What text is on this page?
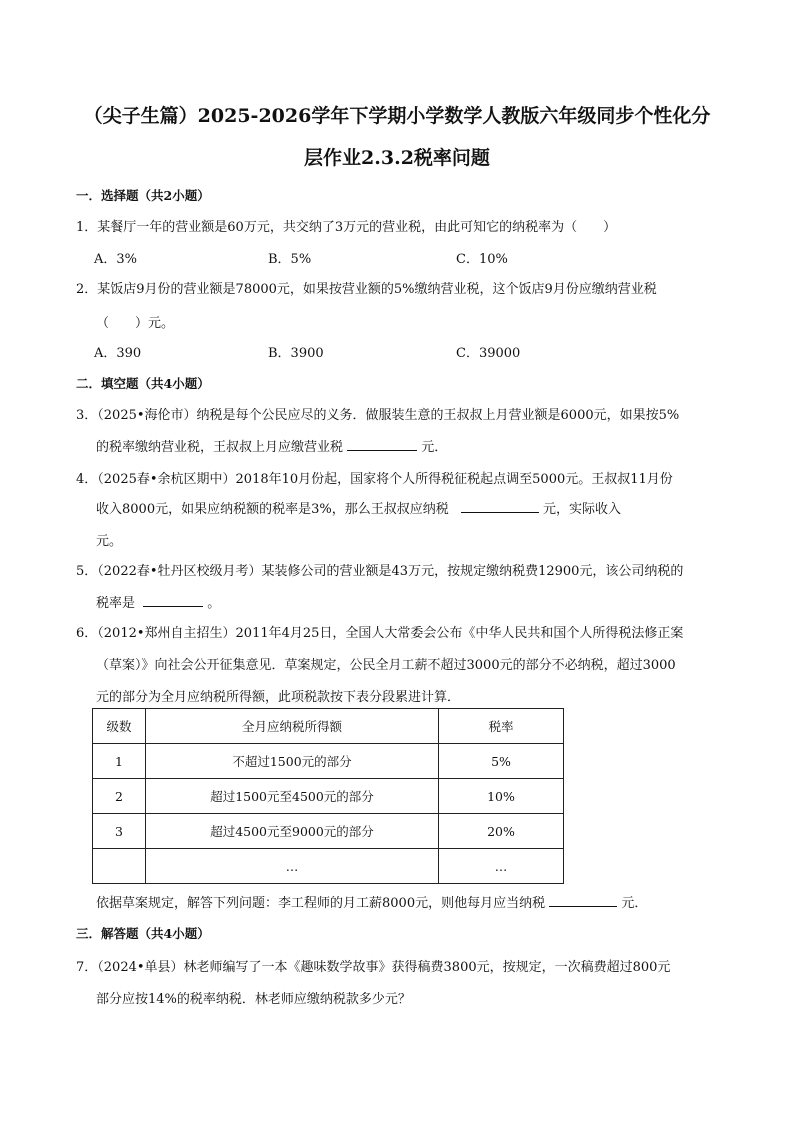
（尖子生篇）2025-2026学年下学期小学数学人教版六年级同步个性化分
层作业2.3.2税率问题
一．选择题（共2小题）
1．某餐厅一年的营业额是60万元，共交纳了3万元的营业税，由此可知它的纳税率为（　　）
A．3%	B．5%	C．10%
2．某饭店9月份的营业额是78000元，如果按营业额的5%缴纳营业税，这个饭店9月份应缴纳营业税
（　　）元。
A．390	B．3900	C．39000
二．填空题（共4小题）
3．（2025•海伦市）纳税是每个公民应尽的义务．做服装生意的王叔叔上月营业额是6000元，如果按5%
的税率缴纳营业税，王叔叔上月应缴营业税	元．
4．（2025春•余杭区期中）2018年10月份起，国家将个人所得税征税起点调至5000元。王叔叔11月份
收入8000元，如果应纳税额的税率是3%，那么王叔叔应纳税	元，实际收入
元。
5．（2022春•牡丹区校级月考）某装修公司的营业额是43万元，按规定缴纳税费12900元，该公司纳税的
税率是	。
6．（2012•郑州自主招生）2011年4月25日，全国人大常委会公布《中华人民共和国个人所得税法修正案
（草案）》向社会公开征集意见．草案规定，公民全月工薪不超过3000元的部分不必纳税，超过3000
元的部分为全月应纳税所得额，此项税款按下表分段累进计算．
级数	全月应纳税所得额	税率
1	不超过1500元的部分	5%
2	超过1500元至4500元的部分	10%
3	超过4500元至9000元的部分	20%
	…	…
依据草案规定，解答下列问题：李工程师的月工薪8000元，则他每月应当纳税	元．
三．解答题（共4小题）
7．（2024•单县）林老师编写了一本《趣味数学故事》获得稿费3800元，按规定，一次稿费超过800元
部分应按14%的税率纳税．林老师应缴纳税款多少元？
